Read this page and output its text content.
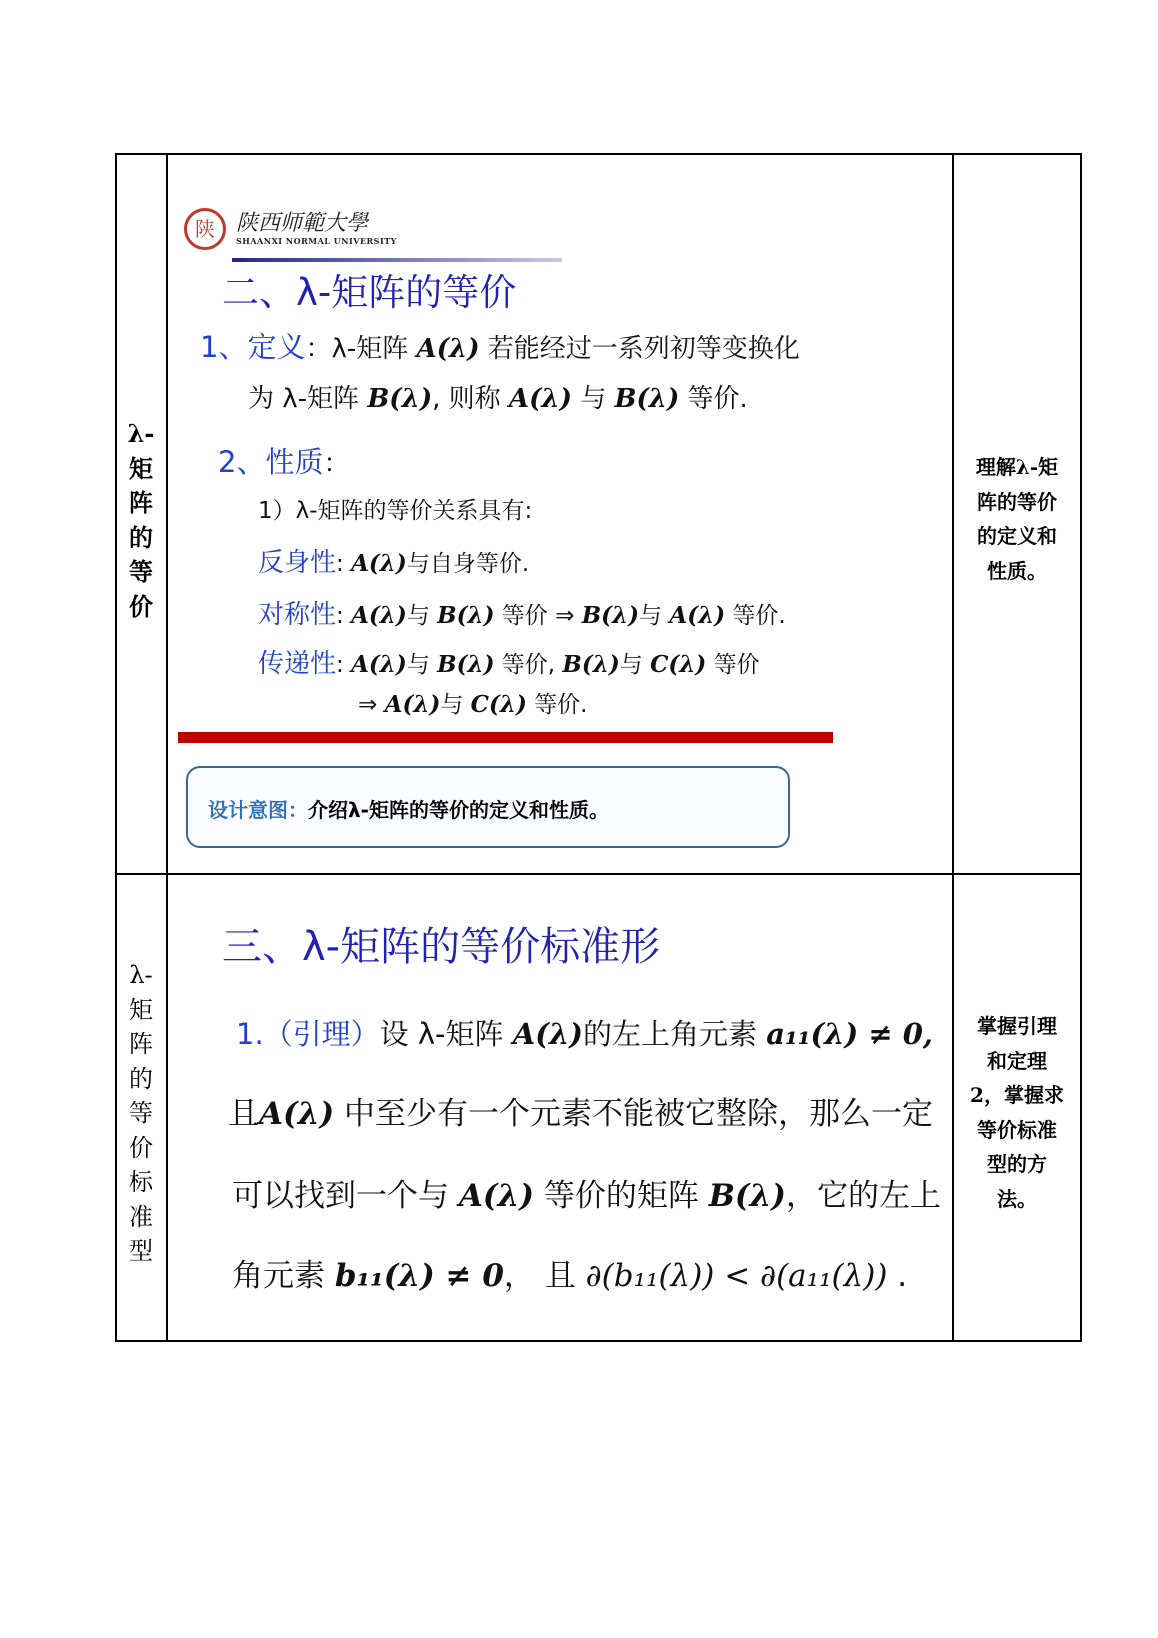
λ-
矩
阵
的
等
价
理解λ-矩
阵的等价
的定义和
性质。
陕 陕西师範大學
SHAANXI NORMAL UNIVERSITY
二、λ-矩阵的等价
1、定义：λ-矩阵 A(λ) 若能经过一系列初等变换化
为 λ-矩阵 B(λ), 则称 A(λ) 与 B(λ) 等价.
2、性质：
1）λ-矩阵的等价关系具有:
反身性: A(λ)与自身等价.
对称性: A(λ)与 B(λ) 等价 ⇒ B(λ)与 A(λ) 等价.
传递性: A(λ)与 B(λ) 等价, B(λ)与 C(λ) 等价
⇒ A(λ)与 C(λ) 等价.
设计意图：介绍λ-矩阵的等价的定义和性质。
λ-
矩
阵
的
等
价
标
准
型
掌握引理
和定理
2，掌握求
等价标准
型的方
法。
三、λ-矩阵的等价标准形
1.（引理）设 λ-矩阵 A(λ)的左上角元素 a₁₁(λ) ≠ 0,
且A(λ) 中至少有一个元素不能被它整除，那么一定
可以找到一个与 A(λ) 等价的矩阵 B(λ)，它的左上
角元素 b₁₁(λ) ≠ 0， 且 ∂(b₁₁(λ)) < ∂(a₁₁(λ)) .
